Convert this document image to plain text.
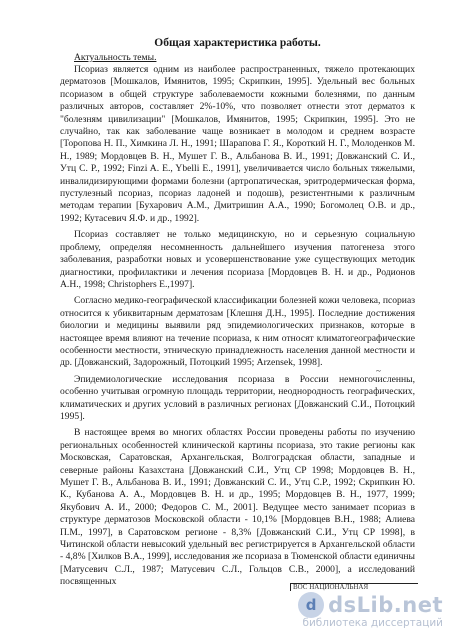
Общая характеристика работы.
Актуальность темы.

Псориаз является одним из наиболее распространенных, тяжело протекающих дерматозов [Мошкалов, Имянитов, 1995; Скрипкин, 1995]. Удельный вес больных псориазом в общей структуре заболеваемости кожными болезнями, по данным различных авторов, составляет 2%-10%, что позволяет отнести этот дерматоз к "болезням цивилизации" [Мошкалов, Имянитов, 1995; Скрипкин, 1995]. Это не случайно, так как заболевание чаще возникает в молодом и среднем возрасте [Торопова Н. П., Химкина Л. Н., 1991; Шарапова Г. Я., Короткий Н. Г., Молоденков М. Н., 1989; Мордовцев В. Н., Мушет Г. В., Альбанова В. И., 1991; Довжанский С. И., Утц С. Р., 1992; Finzi A. E., Ybelli E., 1991], увеличивается число больных тяжелыми, инвалидизирующими формами болезни (артропатическая, эритродермическая форма, пустулезный псориаз, псориаз ладоней и подошв), резистентными к различным методам терапии [Бухарович А.М., Дмитришин А.А., 1990; Богомолец О.В. и др., 1992; Кутасевич Я.Ф. и др., 1992].

Псориаз составляет не только медицинскую, но и серьезную социальную проблему, определяя несомненность дальнейшего изучения патогенеза этого заболевания, разработки новых и усовершенствование уже существующих методик диагностики, профилактики и лечения псориаза [Мордовцев В. Н. и др., Родионов А.Н., 1998; Christophers E.,1997].

Согласно медико-географической классификации болезней кожи человека, псориаз относится к убиквитарным дерматозам [Клешня Д.Н., 1995]. Последние достижения биологии и медицины выявили ряд эпидемиологических признаков, которые в настоящее время влияют на течение псориаза, к ним относят климатогеографические особенности местности, этническую принадлежность населения данной местности и др. [Довжанский, Задорожный, Потоцкий 1995; Arzensek, 1998].

Эпидемиологические исследования псориаза в России немногочисленны, особенно учитывая огромную площадь территории, неоднородность географических, климатических и других условий в различных регионах [Довжанский С.И., Потоцкий 1995].

В настоящее время во многих областях России проведены работы по изучению региональных особенностей клинической картины псориаза, это такие регионы как Московская, Саратовская, Архангельская, Волгоградская области, западные и северные районы Казахстана [Довжанский С.И., Утц СР 1998; Мордовцев В. Н., Мушет Г. В., Альбанова В. И., 1991; Довжанский С. И., Утц С.Р., 1992; Скрипкин Ю. К., Кубанова А. А., Мордовцев В. Н. и др., 1995; Мордовцев В. Н., 1977, 1999; Якубович А. И., 2000; Федоров С. М., 2001]. Ведущее место занимает псориаз в структуре дерматозов Московской области - 10,1% [Мордовцев В.Н., 1988; Алиева П.М., 1997], в Саратовском регионе - 8,3% [Довжанский С.И., Утц СР 1998], в Читинской области невысокий удельный вес регистрируется в Архангельской области - 4,8% [Хилков В.А., 1999], исследования же псориаза в Тюменской области единичны [Матусевич С.Л., 1987; Матусевич С.Л., Гольцов С.В., 2000], а исследований посвященных

~
ВОС НАЦИОНАЛЬНАЯ
d dsLib.net
библиотека диссертаций
